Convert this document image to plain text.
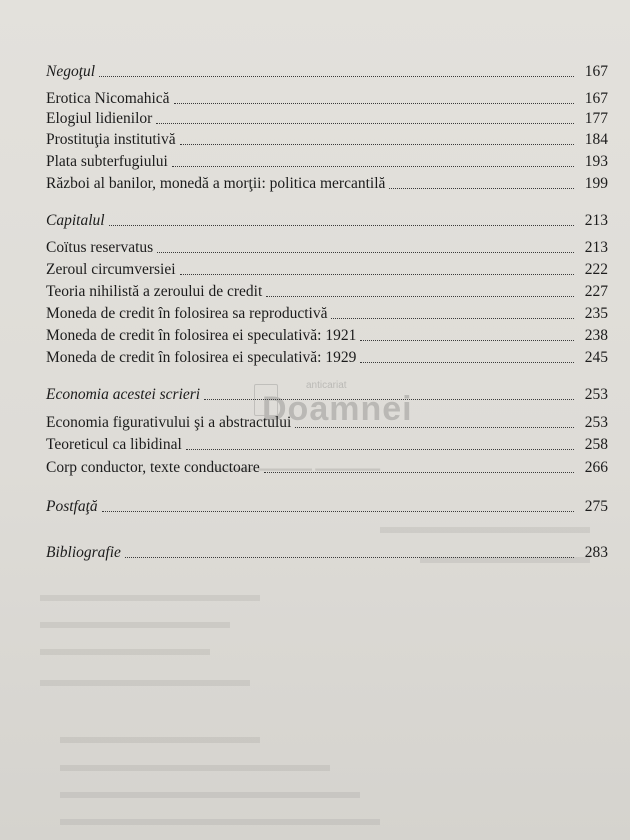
▁▁▁▁▁▁ ▁▁▁▁▁ ▁▁▁▁
anticariat
Doamnei
Negoţul	167
Erotica Nicomahică	167
Elogiul lidienilor	177
Prostituţia institutivă	184
Plata subterfugiului	193
Război al banilor, monedă a morţii: politica mercantilă	199
Capitalul	213
Coïtus reservatus	213
Zeroul circumversiei	222
Teoria nihilistă a zeroului de credit	227
Moneda de credit în folosirea sa reproductivă	235
Moneda de credit în folosirea ei speculativă: 1921	238
Moneda de credit în folosirea ei speculativă: 1929	245
Economia acestei scrieri	253
Economia figurativului şi a abstractului	253
Teoreticul ca libidinal	258
Corp conductor, texte conductoare	266
Postfaţă	275
Bibliografie	283
